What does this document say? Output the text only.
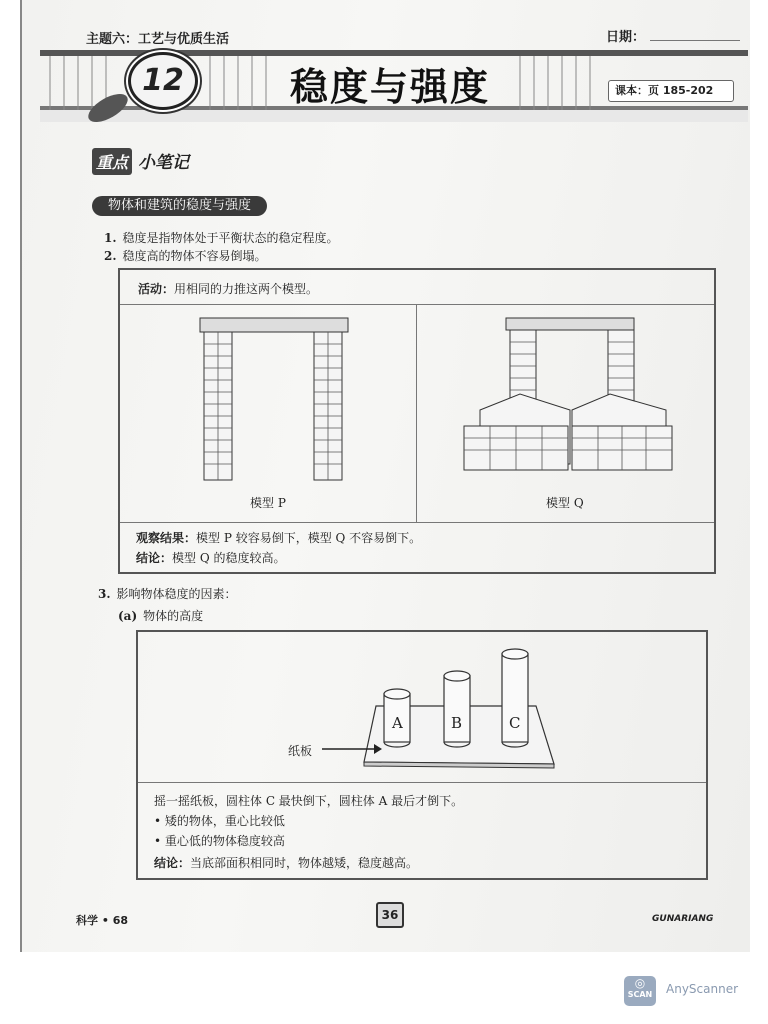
主题六：工艺与优质生活	日期：
12	稳度与强度	课本：页 185-202
重点 小笔记
物体和建筑的稳度与强度
1. 稳度是指物体处于平衡状态的稳定程度。
2. 稳度高的物体不容易倒塌。
活动：用相同的力推这两个模型。
模型 P	模型 Q
观察结果：模型 P 较容易倒下，模型 Q 不容易倒下。
结论：模型 Q 的稳度较高。
3. 影响物体稳度的因素：
(a) 物体的高度
A	B	C
纸板
摇一摇纸板，圆柱体 C 最快倒下，圆柱体 A 最后才倒下。
• 矮的物体，重心比较低
• 重心低的物体稳度较高
结论：当底部面积相同时，物体越矮，稳度越高。
科学 • 68	36	GUNARIANG
◎
SCAN	AnyScanner
